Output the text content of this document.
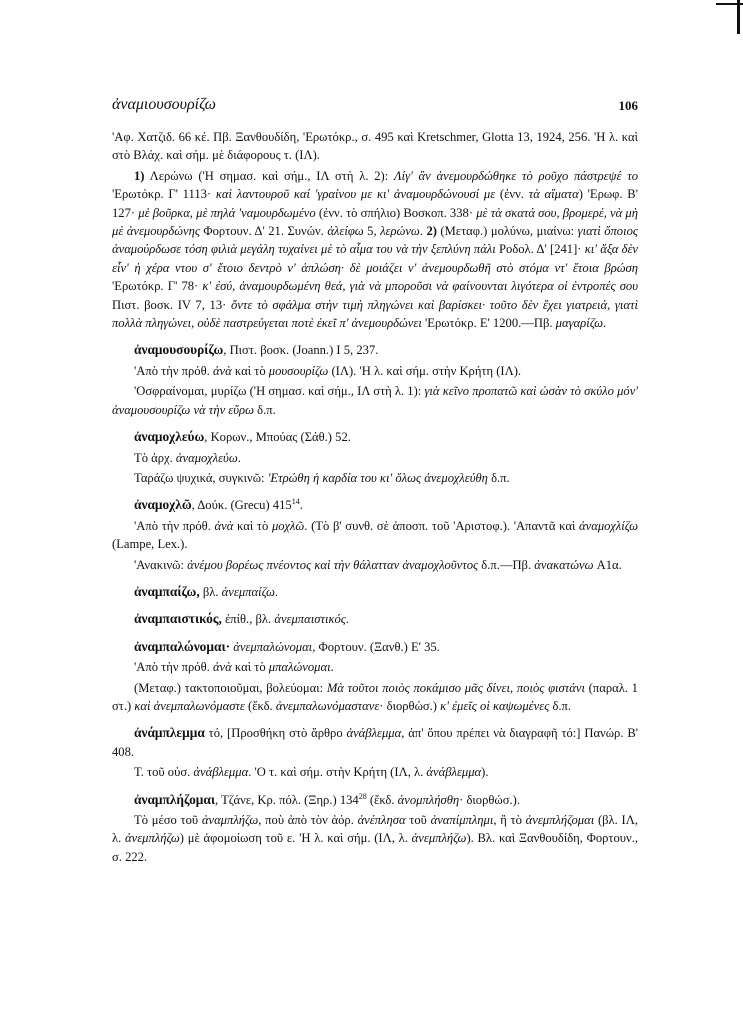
ἀναμιουσουρίζω	106

'Αφ. Χατζιδ. 66 κέ. Πβ. Ξανθουδίδη, 'Ερωτόκρ., σ. 495 καὶ Kretschmer, Glotta 13, 1924, 256. 'Η λ. καὶ στὸ Βλάχ. καὶ σήμ. μὲ διάφορους τ. (ΙΛ).

1) Λερώνω ('Η σημασ. καὶ σήμ., ΙΛ στὴ λ. 2): Λίγ' ἂν ἀνεμουρδώθηκε τὸ ροῦχο πάστρεψέ το 'Ερωτόκρ. Γ' 1113· καὶ λαντουροῦ καί 'γραίνου με κι' ἀναμουρδώνουσί με (ἐνν. τὰ αἵματα) 'Ερωφ. Β' 127· μὲ βοῦρκα, μὲ πηλά 'ναμουρδωμένο (ἐνν. τὸ σπήλιο) Βοσκοπ. 338· μὲ τὰ σκατά σου, βρομερέ, νὰ μὴ μὲ ἀνεμουρδώνης Φορτουν. Δ' 21. Συνών. ἀλείφω 5, λερώνω. 2) (Μεταφ.) μολύνω, μιαίνω: γιατὶ ὅποιος ἀναμούρδωσε τόση φιλιὰ μεγάλη τυχαίνει μὲ τὸ αἷμα του νὰ τὴν ξεπλύνη πάλι Ροδολ. Δ' [241]· κι' ἄξα δὲν εἶν' ἡ χέρα ντου σ' ἔτοιο δεντρὸ ν' ἁπλώση· δὲ μοιάζει ν' ἀνεμουρδωθῆ στὸ στόμα ντ' ἔτοια βρώση 'Ερωτόκρ. Γ' 78· κ' ἐσύ, ἀναμουρδωμένη θεά, γιὰ νὰ μποροῦσι νὰ φαίνουνται λιγότερα οἱ ἐντροπές σου Πιστ. βοσκ. IV 7, 13· ὄντε τὸ σφάλμα στὴν τιμὴ πληγώνει καὶ βαρίσκει· τοῦτο δὲν ἔχει γιατρειά, γιατὶ πολλὰ πληγώνει, οὐδὲ παστρεύγεται ποτὲ ἐκεῖ π' ἀνεμουρδώνει 'Ερωτόκρ. Ε' 1200.—Πβ. μαγαρίζω.

ἀναμουσουρίζω, Πιστ. βοσκ. (Joann.) I 5, 237.

'Απὸ τὴν πρόθ. ἀνὰ καὶ τὸ μουσουρίζω (ΙΛ). 'Η λ. καὶ σήμ. στὴν Κρήτη (ΙΛ).

'Οσφραίνομαι, μυρίζω ('Η σημασ. καὶ σήμ., ΙΛ στὴ λ. 1): γιὰ κεῖνο προπατῶ καὶ ὡσὰν τὸ σκύλο μόν' ἀναμουσουρίζω νὰ τὴν εὔρω δ.π.

ἀναμοχλεύω, Κορων., Μπούας (Σάθ.) 52.

Τὸ ἀρχ. ἀναμοχλεύω.

Ταράζω ψυχικά, συγκινῶ: 'Ετρώθη ἡ καρδία του κι' ὅλως ἀνεμοχλεύθη δ.π.

ἀναμοχλῶ, Δούκ. (Grecu) $415^{14}$.

'Απὸ τὴν πρόθ. ἀνὰ καὶ τὸ μοχλῶ. (Τὸ β' συνθ. σὲ ἀποσπ. τοῦ 'Αριστοφ.). 'Απαντᾶ καὶ ἀναμοχλίζω (Lampe, Lex.).

'Ανακινῶ: ἀνέμου βορέως πνέοντος καὶ τὴν θάλατταν ἀναμοχλοῦντος δ.π.—Πβ. ἀνακατώνω A1α.

ἀναμπαίζω, βλ. ἀνεμπαίζω.

ἀναμπαιστικός, ἐπίθ., βλ. ἀνεμπαιστικός.

ἀναμπαλώνομαι· ἀνεμπαλώνομαι, Φορτουν. (Ξανθ.) Ε' 35.

'Απὸ τὴν πρόθ. ἀνὰ καὶ τὸ μπαλώνομαι.

(Μεταφ.) τακτοποιοῦμαι, βολεύομαι: Μὰ τοῦτοι ποιὸς ποκάμισο μᾶς δίνει, ποιὸς φιστάνι (παραλ. 1 στ.) καὶ ἀνεμπαλωνόμαστε (ἔκδ. ἀνεμπαλωνόμαστανε· διορθώσ.) κ' ἐμεῖς οἱ καψωμένες δ.π.

ἀνάμπλεμμα τό, [Προσθήκη στὸ ἄρθρο ἀνάβλεμμα, ἀπ' ὅπου πρέπει νὰ διαγραφῆ τό:] Πανώρ. Β' 408.

Τ. τοῦ οὐσ. ἀνάβλεμμα. 'Ο τ. καὶ σήμ. στὴν Κρήτη (ΙΛ, λ. ἀνάβλεμμα).

ἀναμπλήζομαι, Τζάνε, Κρ. πόλ. (Ξηρ.) $134^{28}$ (ἔκδ. ἀνομπλήσθη· διορθώσ.).

Τὸ μέσο τοῦ ἀναμπλήζω, ποὺ ἀπὸ τὸν ἀόρ. ἀνέπλησα τοῦ ἀναπίμπλημι, ἢ τὸ ἀνεμπλήζομαι (βλ. ΙΛ, λ. ἀνεμπλήζω) μὲ ἀφομοίωση τοῦ ε. 'Η λ. καὶ σήμ. (ΙΛ, λ. ἀνεμπλήζω). Βλ. καὶ Ξανθουδίδη, Φορτουν., σ. 222.
